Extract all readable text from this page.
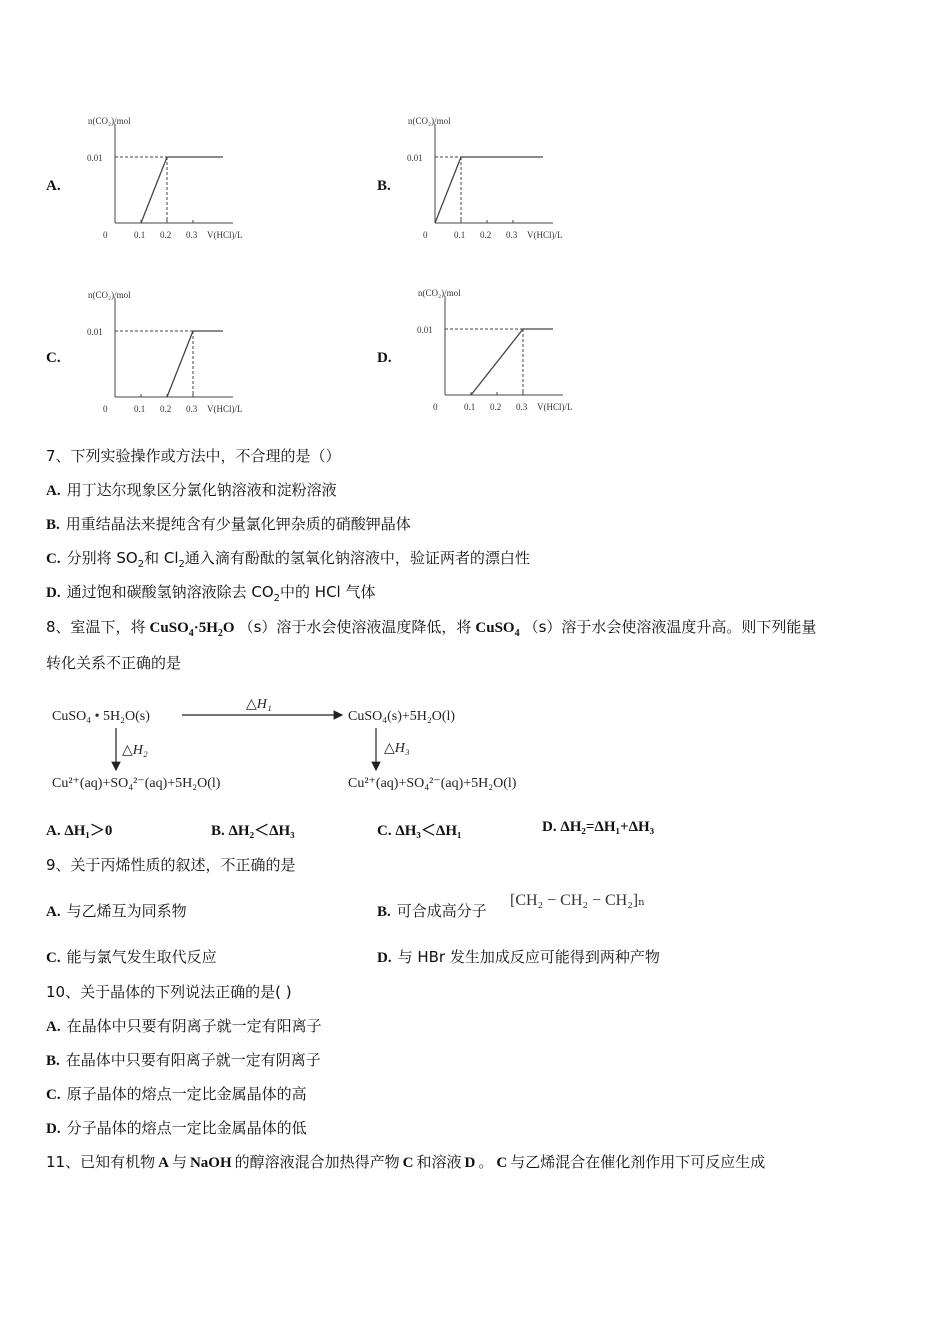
A.	B.
C.	D.
n(CO₂)/mol
0.01
0	0.1 0.2 0.3 V(HCl)/L
n(CO₂)/mol
0.01
0	0.1 0.2 0.3 V(HCl)/L
n(CO₂)/mol
0.01
0	0.1 0.2 0.3 V(HCl)/L
n(CO₂)/mol
0.01
0	0.1 0.2 0.3 V(HCl)/L
7、下列实验操作或方法中，不合理的是（）
A. 用丁达尔现象区分氯化钠溶液和淀粉溶液
B. 用重结晶法来提纯含有少量氯化钾杂质的硝酸钾晶体
C. 分别将 $SO_2$和 $Cl_2$通入滴有酚酞的氢氧化钠溶液中，验证两者的漂白性
D. 通过饱和碳酸氢钠溶液除去 $CO_2$中的 HCl 气体
8、室温下，将 $CuSO_4\cdot 5H_2O$ （s）溶于水会使溶液温度降低，将 CuSO$_4$ （s）溶于水会使溶液温度升高。则下列能量
转化关系不正确的是
CuSO₄ • 5H₂O(s)
△H₁
CuSO₄(s)+5H₂O(l)
△H₂	△H₃
Cu²⁺(aq)+SO₄²⁻(aq)+5H₂O(l)	Cu²⁺(aq)+SO₄²⁻(aq)+5H₂O(l)
A. ΔH₁＞0	B. ΔH₂＜ΔH₃	C. ΔH₃＜ΔH₁	D. ΔH₂=ΔH₁+ΔH₃
9、关于丙烯性质的叙述，不正确的是
A. 与乙烯互为同系物	B. 可合成高分子
[CH₂ − CH₂ − CH₂]ₙ
C. 能与氯气发生取代反应	D. 与 HBr 发生加成反应可能得到两种产物
10、关于晶体的下列说法正确的是( )
A. 在晶体中只要有阴离子就一定有阳离子
B. 在晶体中只要有阳离子就一定有阴离子
C. 原子晶体的熔点一定比金属晶体的高
D. 分子晶体的熔点一定比金属晶体的低
11、已知有机物 A 与 NaOH 的醇溶液混合加热得产物 C 和溶液 D 。 C 与乙烯混合在催化剂作用下可反应生成
